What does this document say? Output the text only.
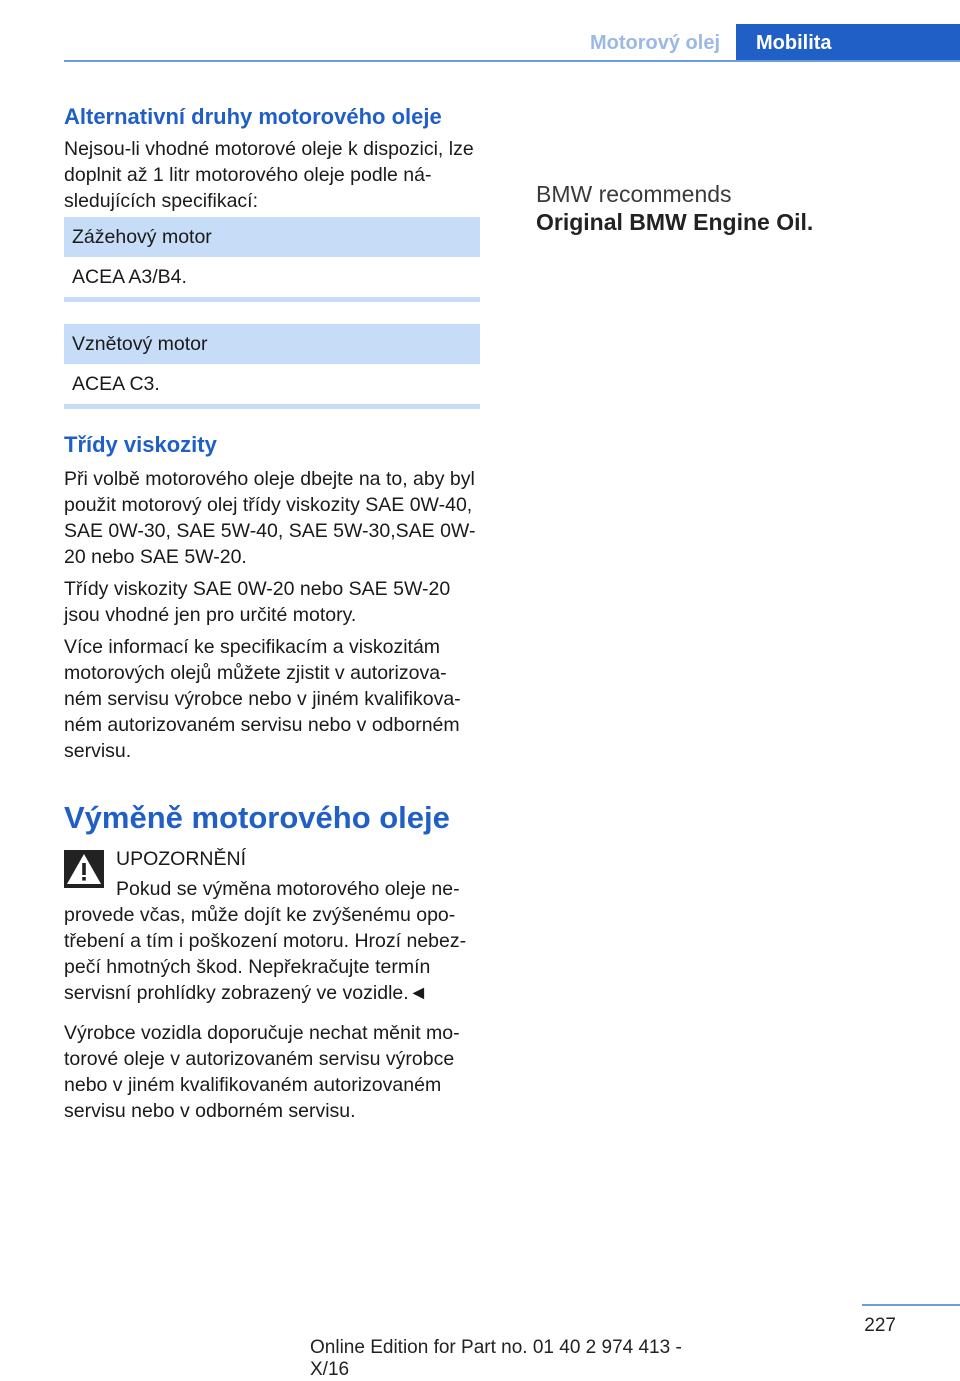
Motorový olej	Mobilita
Alternativní druhy motorového oleje
Nejsou-li vhodné motorové oleje k dispozici, lze doplnit až 1 litr motorového oleje podle ná-sledujících specifikací:
Zážehový motor
ACEA A3/B4.
Vznětový motor
ACEA C3.
Třídy viskozity
Při volbě motorového oleje dbejte na to, aby byl použit motorový olej třídy viskozity SAE 0W-40, SAE 0W-30, SAE 5W-40, SAE 5W-30,SAE 0W-20 nebo SAE 5W-20.
Třídy viskozity SAE 0W-20 nebo SAE 5W-20 jsou vhodné jen pro určité motory.
Více informací ke specifikacím a viskozitám motorových olejů můžete zjistit v autorizova-ném servisu výrobce nebo v jiném kvalifikova-ném autorizovaném servisu nebo v odborném servisu.
Výměně motorového oleje
UPOZORNĚNÍ
Pokud se výměna motorového oleje ne-provede včas, může dojít ke zvýšenému opo-třebení a tím i poškození motoru. Hrozí nebez-pečí hmotných škod. Nepřekračujte termín servisní prohlídky zobrazený ve vozidle.◄
Výrobce vozidla doporučuje nechat měnit mo-torové oleje v autorizovaném servisu výrobce nebo v jiném kvalifikovaném autorizovaném servisu nebo v odborném servisu.
BMW recommends
Original BMW Engine Oil.
227
Online Edition for Part no. 01 40 2 974 413 - X/16
